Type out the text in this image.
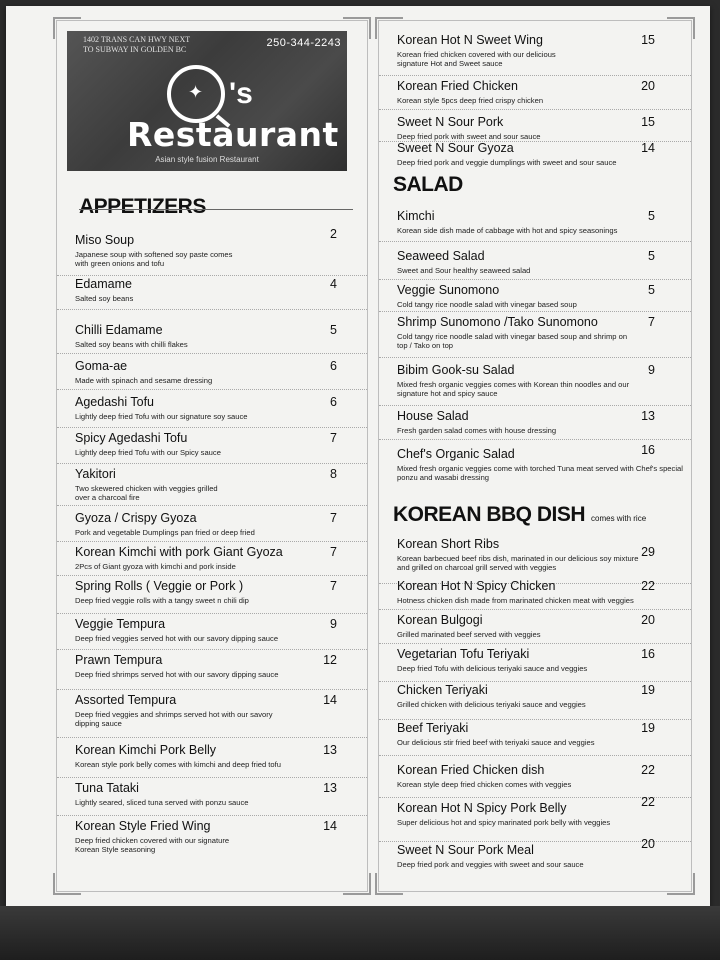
1402 TRANS CAN HWY NEXT TO SUBWAY IN GOLDEN BC
250-344-2243
✦ 's
Restaurant
Asian style fusion Restaurant
APPETIZERS
Miso Soup
Japanese soup with softened soy paste comes with green onions and tofu
2
Edamame
Salted soy beans
4
Chilli Edamame
Salted soy beans with chilli flakes
5
Goma-ae
Made with spinach and sesame dressing
6
Agedashi Tofu
Lightly deep fried Tofu with our signature soy sauce
6
Spicy Agedashi Tofu
Lightly deep fried Tofu with our Spicy sauce
7
Yakitori
Two skewered chicken with veggies grilled over a charcoal fire
8
Gyoza / Crispy Gyoza
Pork and vegetable Dumplings pan fried or deep fried
7
Korean Kimchi with pork Giant Gyoza
2Pcs of Giant gyoza with kimchi and pork inside
7
Spring Rolls ( Veggie or Pork )
Deep fried veggie rolls with a tangy sweet n chili dip
7
Veggie Tempura
Deep fried veggies served hot with our savory dipping sauce
9
Prawn Tempura
Deep fried shrimps served hot with our savory dipping sauce
12
Assorted Tempura
Deep fried veggies and shrimps served hot with our savory dipping sauce
14
Korean Kimchi Pork Belly
Korean style pork belly comes with kimchi and deep fried tofu
13
Tuna Tataki
Lightly seared, sliced tuna served with ponzu sauce
13
Korean Style Fried Wing
Deep fried chicken covered with our signature Korean Style seasoning
14
Korean Hot N Sweet Wing
Korean fried chicken covered with our delicious signature Hot and Sweet sauce
15
Korean Fried Chicken
Korean style 5pcs deep fried crispy chicken
20
Sweet N Sour Pork
Deep fried pork with sweet and sour sauce
15
Sweet N Sour Gyoza
Deep fried pork and veggie dumplings with sweet and sour sauce
14
SALAD
Kimchi
Korean side dish made of cabbage with hot and spicy seasonings
5
Seaweed Salad
Sweet and Sour healthy seaweed salad
5
Veggie Sunomono
Cold tangy rice noodle salad with vinegar based soup
5
Shrimp Sunomono /Tako Sunomono
Cold tangy rice noodle salad with vinegar based soup and shrimp on top / Tako on top
7
Bibim Gook-su Salad
Mixed fresh organic veggies comes with Korean thin noodles and our signature hot and spicy sauce
9
House Salad
Fresh garden salad comes with house dressing
13
Chef's Organic Salad
Mixed fresh organic veggies come with torched Tuna meat served with Chef's special ponzu and wasabi dressing
16
KOREAN BBQ DISH comes with rice
Korean Short Ribs
Korean barbecued beef ribs dish, marinated in our delicious soy mixture and grilled on charcoal grill served with veggies
29
Korean Hot N Spicy Chicken
Hotness chicken dish made from marinated chicken meat with veggies
22
Korean Bulgogi
Grilled marinated beef served with veggies
20
Vegetarian Tofu Teriyaki
Deep fried Tofu with delicious teriyaki sauce and veggies
16
Chicken Teriyaki
Grilled chicken with delicious teriyaki sauce and veggies
19
Beef Teriyaki
Our delicious stir fried beef with teriyaki sauce and veggies
19
Korean Fried Chicken dish
Korean style deep fried chicken comes with veggies
22
Korean Hot N Spicy Pork Belly
Super delicious hot and spicy marinated pork belly with veggies
22
Sweet N Sour Pork Meal
Deep fried pork and veggies with sweet and sour sauce
20
